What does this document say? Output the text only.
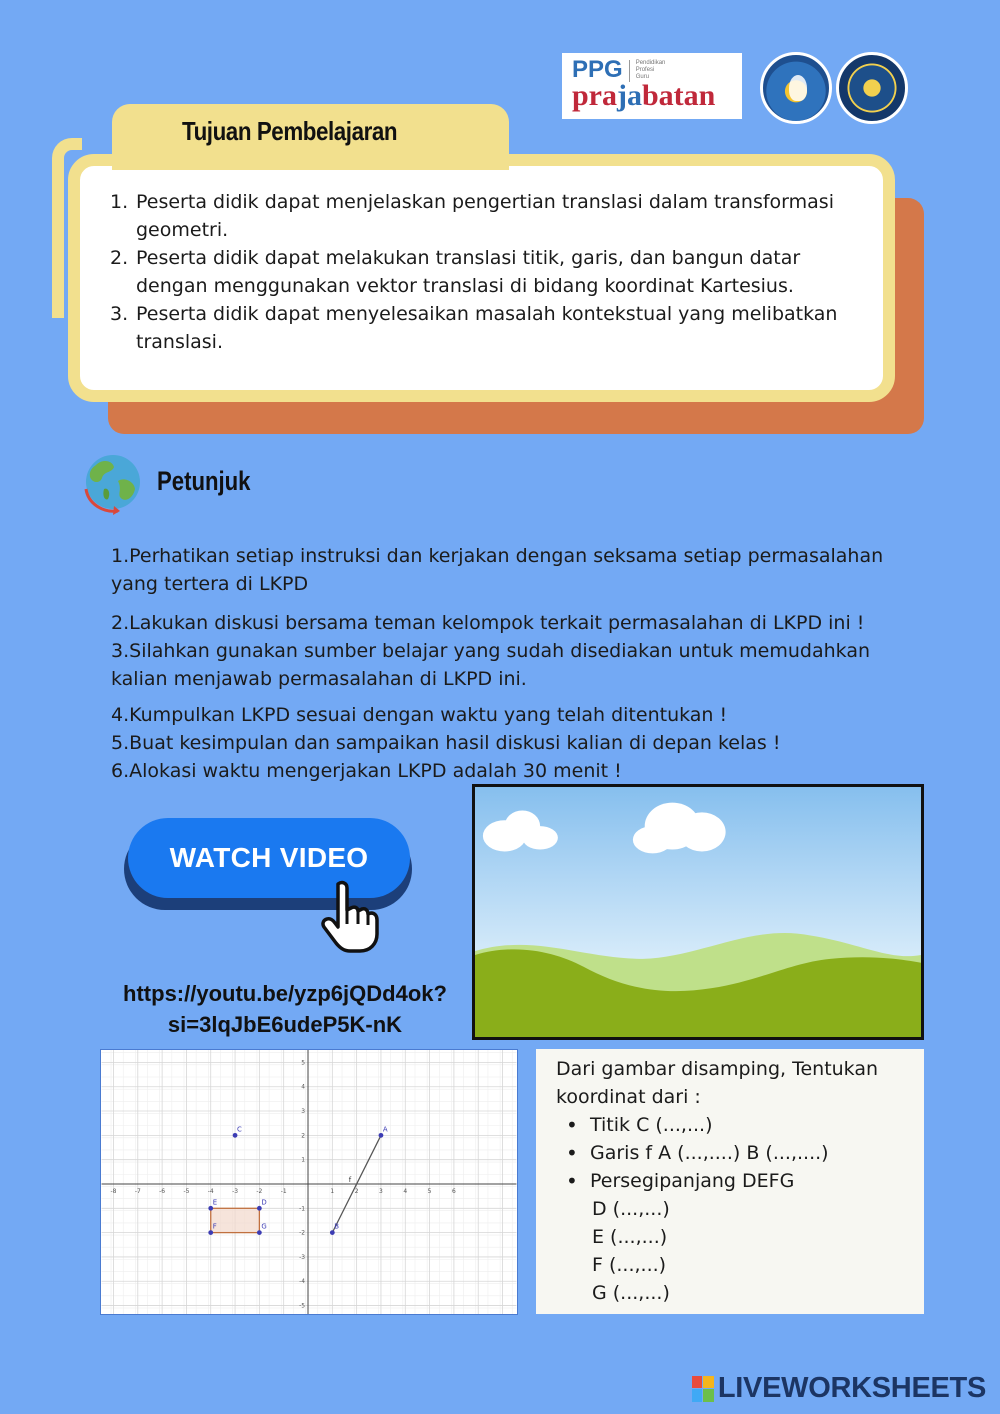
PPG Pendidikan
Profesi
Guru
prajabatan
1. Peserta didik dapat menjelaskan pengertian translasi dalam transformasi geometri.
2. Peserta didik dapat melakukan translasi titik, garis, dan bangun datar dengan menggunakan vektor translasi di bidang koordinat Kartesius.
3. Peserta didik dapat menyelesaikan masalah kontekstual yang melibatkan translasi.
Tujuan Pembelajaran
Petunjuk
1.Perhatikan setiap instruksi dan kerjakan dengan seksama setiap permasalahan yang tertera di LKPD
2.Lakukan diskusi bersama teman kelompok terkait permasalahan di LKPD ini !
3.Silahkan gunakan sumber belajar yang sudah disediakan untuk memudahkan kalian menjawab permasalahan di LKPD ini.
4.Kumpulkan LKPD sesuai dengan waktu yang telah ditentukan !
5.Buat kesimpulan dan sampaikan hasil diskusi kalian di depan kelas !
6.Alokasi waktu mengerjakan LKPD adalah 30 menit !
WATCH VIDEO
https://youtu.be/yzp6jQDd4ok?si=3lqJbE6udeP5K-nK
-8	-7	-6	-5	-4	-3	-2	-1	1	2	3	4	5	6
5
4
3
2
1
-1
-2
-3
-4
-5
f
C	A
B
D
E
F	G
Dari gambar disamping, Tentukan koordinat dari :
• Titik C (...,...)
• Garis f A (...,....) B (...,....)
• Persegipanjang DEFG
D (...,...)
E (...,...)
F (...,...)
G (...,...)
LIVEWORKSHEETS
